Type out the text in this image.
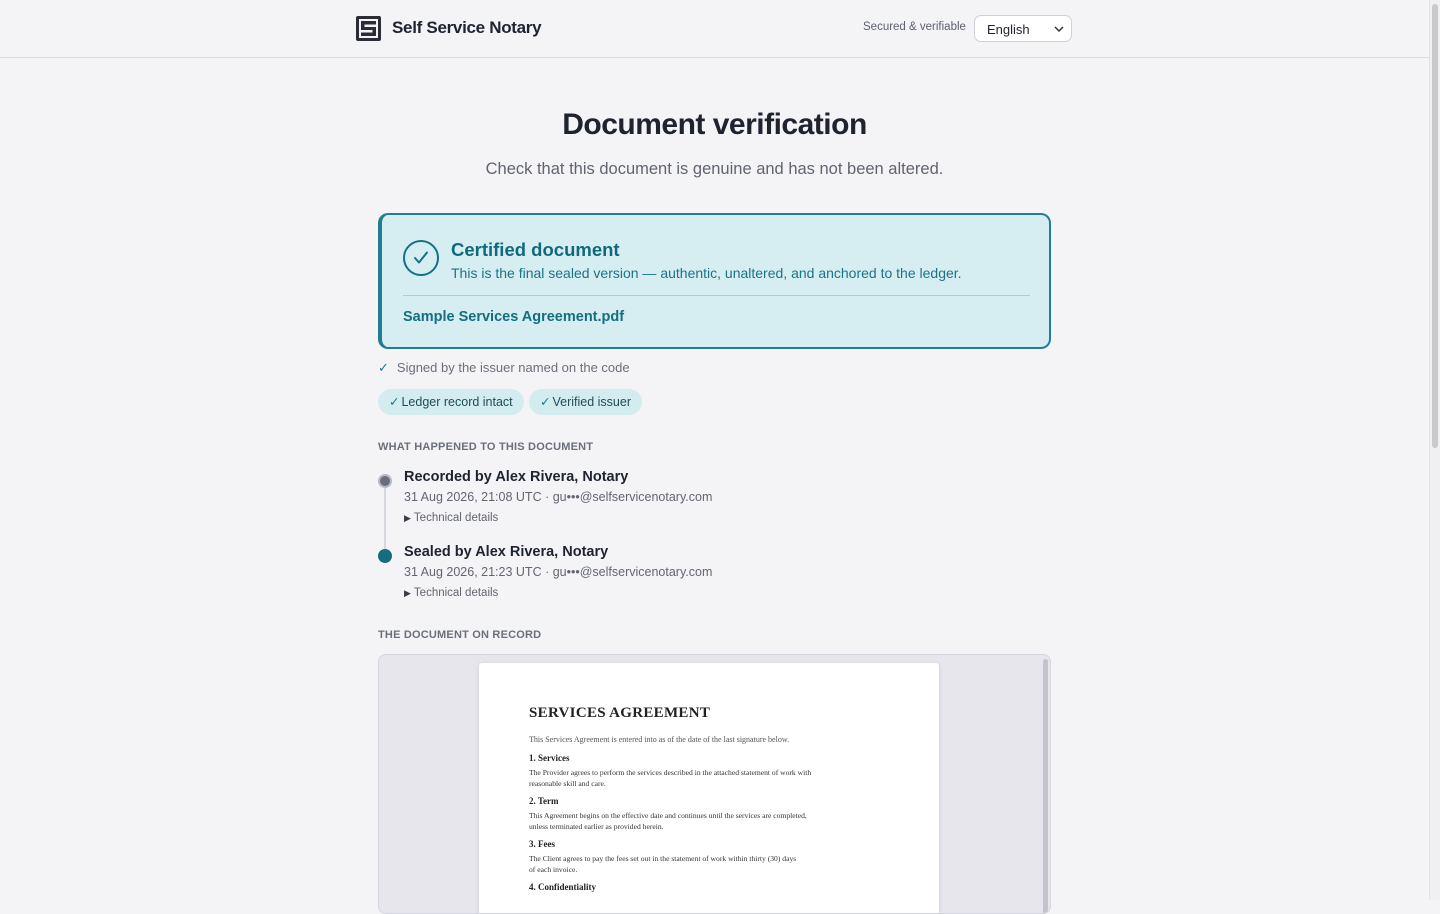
Self Service Notary	Secured & verifiable English
Document verification
Check that this document is genuine and has not been altered.
Certified document
This is the final sealed version — authentic, unaltered, and anchored to the ledger.
Sample Services Agreement.pdf
✓ Signed by the issuer named on the code
✓ Ledger record intact	✓ Verified issuer
WHAT HAPPENED TO THIS DOCUMENT
Recorded by Alex Rivera, Notary
31 Aug 2026, 21:08 UTC · gu•••@selfservicenotary.com
▶ Technical details
Sealed by Alex Rivera, Notary
31 Aug 2026, 21:23 UTC · gu•••@selfservicenotary.com
▶ Technical details
THE DOCUMENT ON RECORD
SERVICES AGREEMENT
This Services Agreement is entered into as of the date of the last signature below.
1. Services
The Provider agrees to perform the services described in the attached statement of work with
reasonable skill and care.
2. Term
This Agreement begins on the effective date and continues until the services are completed,
unless terminated earlier as provided herein.
3. Fees
The Client agrees to pay the fees set out in the statement of work within thirty (30) days
of each invoice.
4. Confidentiality
